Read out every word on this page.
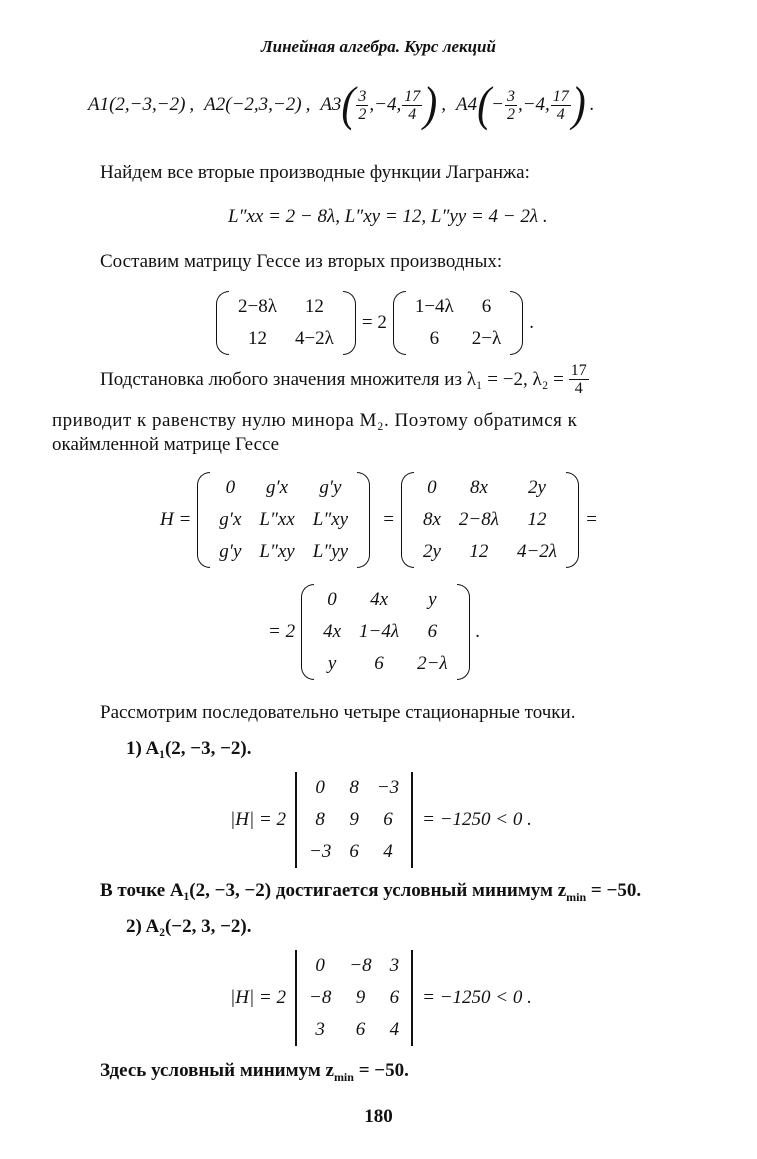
Линейная алгебра. Курс лекций
A1(2,−3,−2) , A2(−2,3,−2) , A3 ( $\frac{3}{2} ,-4$, $\frac{17}{4}$ ) , A4 ( − $\frac{3}{2} ,-4$, $\frac{17}{4}$ ) .
Найдем все вторые производные функции Лагранжа:
L″xx = 2 − 8λ, L″xy = 12, L″yy = 4 − 2λ .
Составим матрицу Гессе из вторых производных:
2−8λ	12
12	4−2λ
= 2
1−4λ	6
6	2−λ
.
Подстановка любого значения множителя из λ₁ = −2, $\lambda_2 = \frac{17}{4}$
приводит к равенству нулю минора M₂. Поэтому обратимся к
окаймленной матрице Гессе
H =
0	g′x	g′y
g′x	L″xx	L″xy
g′y	L″xy	L″yy
=
0	8x	2y
8x	2−8λ	12
2y	12	4−2λ
=
= 2
0	4x	y
4x	1−4λ	6
y	6	2−λ
.
Рассмотрим последовательно четыре стационарные точки.
1) A₁(2, −3, −2).
|H| = 2
0	8	−3
8	9	6
−3	6	4
= −1250 < 0 .
В точке A₁(2, −3, −2) достигается условный минимум $z_{min} = -50$.
2) A₂(−2, 3, −2).
|H| = 2
0	−8	3
−8	9	6
3	6	4
= −1250 < 0 .
Здесь условный минимум $z_{min} = -50$.
180
